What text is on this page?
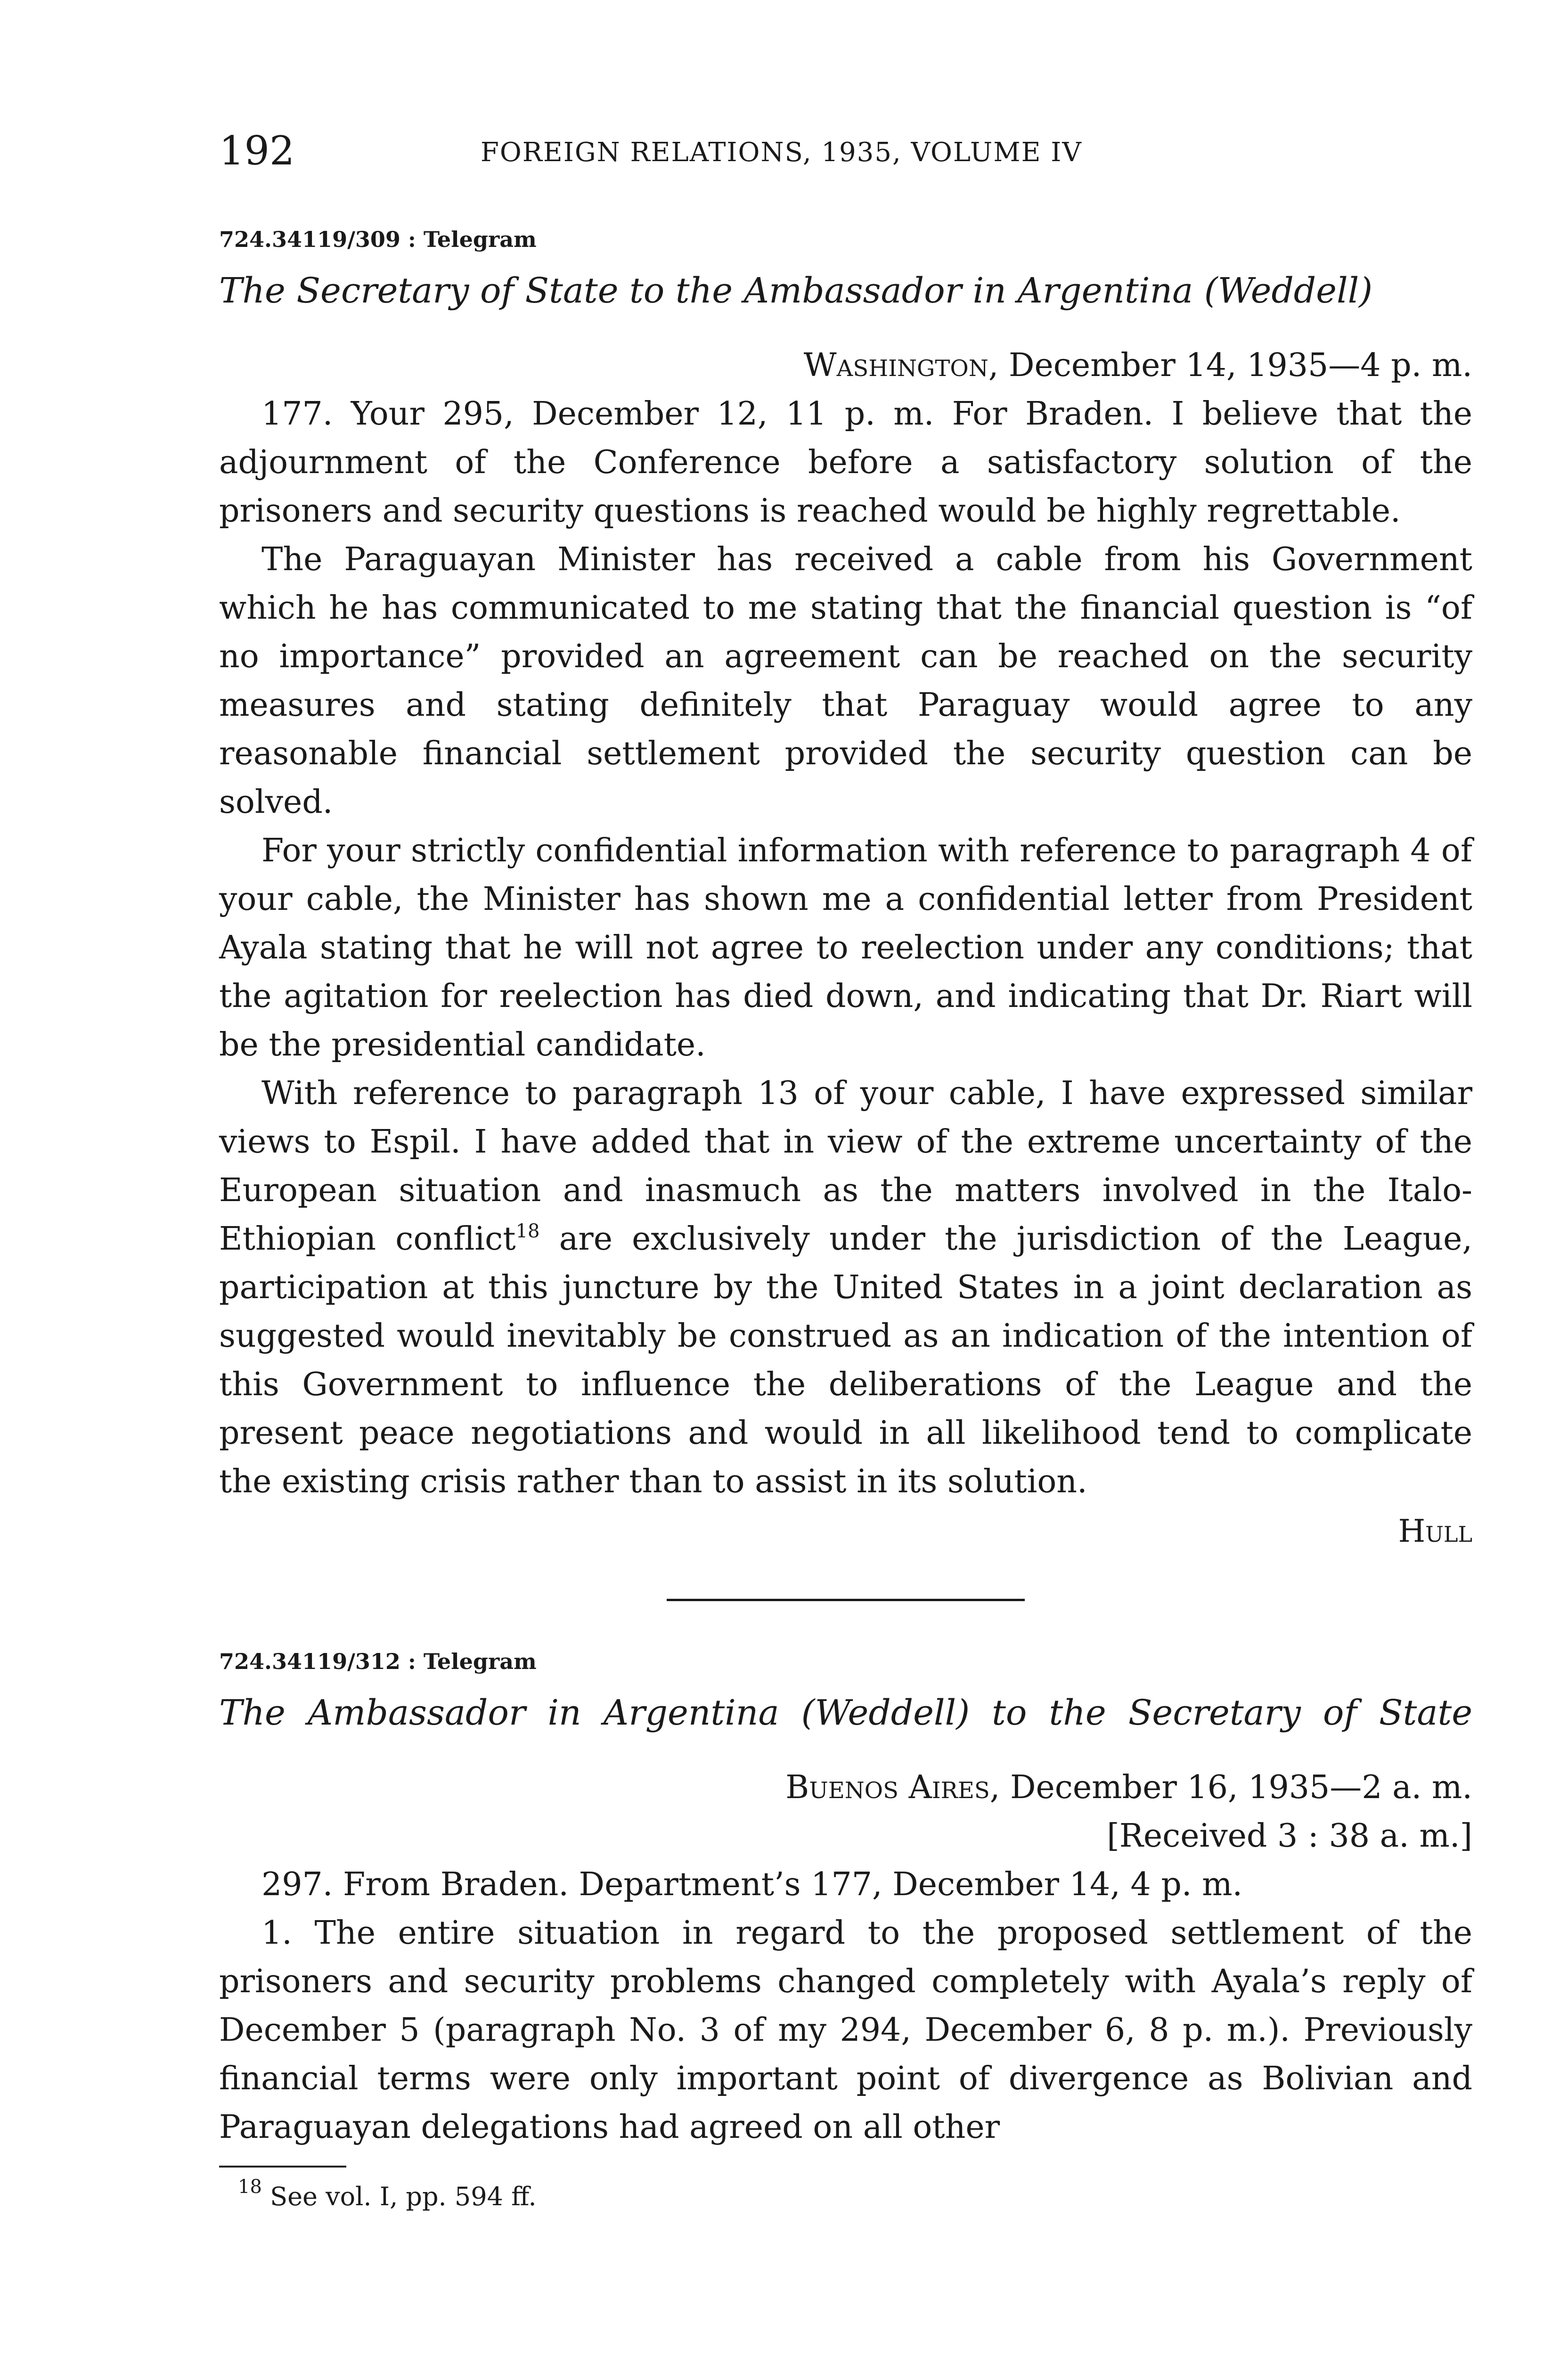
192	FOREIGN RELATIONS, 1935, VOLUME IV
724.34119/309 : Telegram
The Secretary of State to the Ambassador in Argentina (Weddell)
Washington, December 14, 1935—4 p. m.

177. Your 295, December 12, 11 p. m. For Braden. I believe that the adjournment of the Conference before a satisfactory solution of the prisoners and security questions is reached would be highly regrettable.

The Paraguayan Minister has received a cable from his Government which he has communicated to me stating that the financial question is “of no importance” provided an agreement can be reached on the security measures and stating definitely that Paraguay would agree to any reasonable financial settlement provided the security question can be solved.

For your strictly confidential information with reference to paragraph 4 of your cable, the Minister has shown me a confidential letter from President Ayala stating that he will not agree to reelection under any conditions; that the agitation for reelection has died down, and indicating that Dr. Riart will be the presidential candidate.

With reference to paragraph 13 of your cable, I have expressed similar views to Espil. I have added that in view of the extreme uncertainty of the European situation and inasmuch as the matters involved in the Italo-Ethiopian conflict$^{18}$ are exclusively under the jurisdiction of the League, participation at this juncture by the United States in a joint declaration as suggested would inevitably be construed as an indication of the intention of this Government to influence the deliberations of the League and the present peace negotiations and would in all likelihood tend to complicate the existing crisis rather than to assist in its solution.

Hull
724.34119/312 : Telegram
The Ambassador in Argentina (Weddell) to the Secretary of State
Buenos Aires, December 16, 1935—2 a. m.
[Received 3 : 38 a. m.]

297. From Braden. Department’s 177, December 14, 4 p. m.

1. The entire situation in regard to the proposed settlement of the prisoners and security problems changed completely with Ayala’s reply of December 5 (paragraph No. 3 of my 294, December 6, 8 p. m.). Previously financial terms were only important point of divergence as Bolivian and Paraguayan delegations had agreed on all other

$^{18}$ See vol. I, pp. 594 ff.
